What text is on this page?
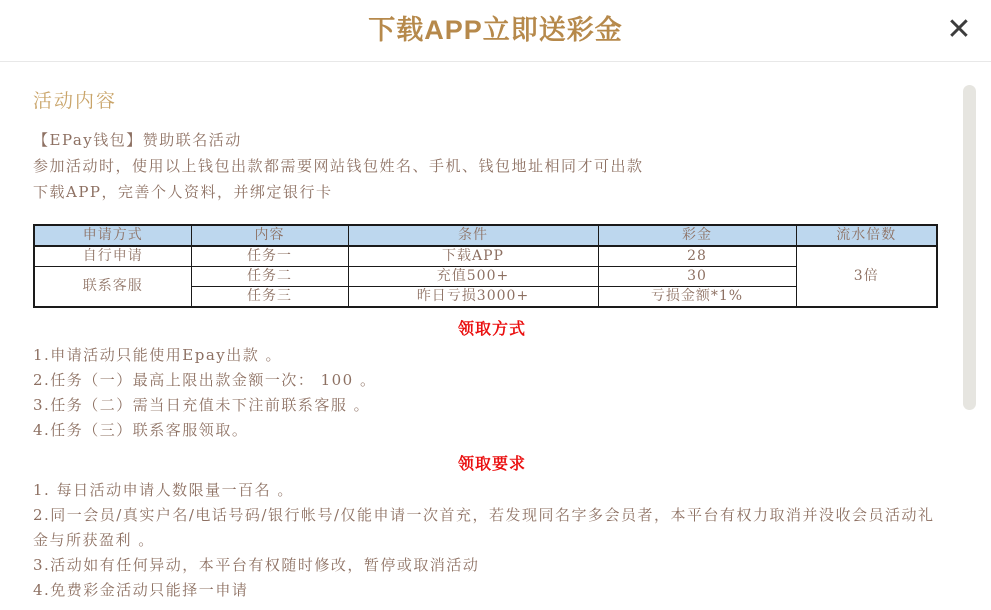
下载APP立即送彩金	✕
活动内容

【EPay钱包】赞助联名活动

参加活动时，使用以上钱包出款都需要网站钱包姓名、手机、钱包地址相同才可出款

下载APP，完善个人资料，并绑定银行卡

申请方式	内容	条件	彩金	流水倍数
自行申请	任务一	下载APP	28	3倍
联系客服	任务二	充值500+	30	
	任务三	昨日亏损3000+	亏损金额*1%	
领取方式

1.申请活动只能使用Epay出款 。

2.任务（一）最高上限出款金额一次： 100 。

3.任务（二）需当日充值未下注前联系客服 。

4.任务（三）联系客服领取。

领取要求

1. 每日活动申请人数限量一百名 。

2.同一会员/真实户名/电话号码/银行帐号/仅能申请一次首充，若发现同名字多会员者，本平台有权力取消并没收会员活动礼金与所获盈利 。

3.活动如有任何异动，本平台有权随时修改，暂停或取消活动

4.免费彩金活动只能择一申请
